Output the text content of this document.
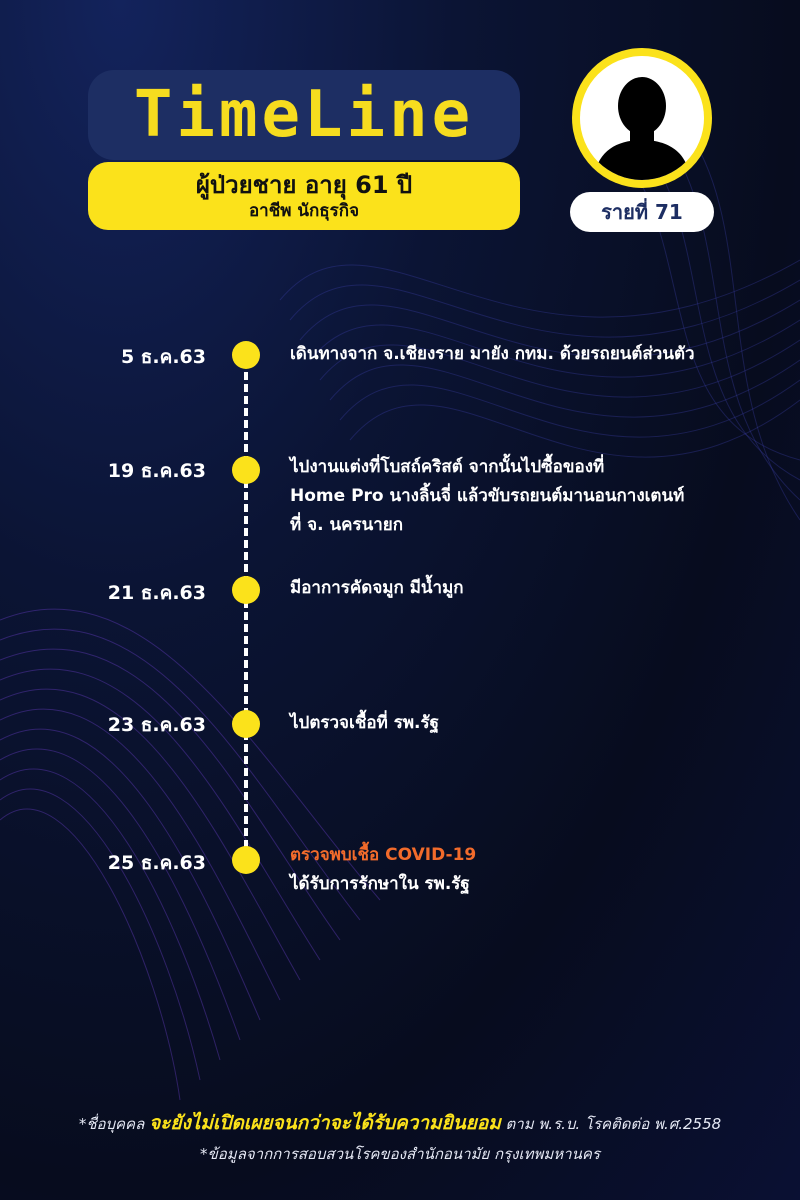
TimeLine
ผู้ป่วยชาย อายุ 61 ปี
อาชีพ นักธุรกิจ	รายที่ 71
5 ธ.ค.63	เดินทางจาก จ.เชียงราย มายัง กทม. ด้วยรถยนต์ส่วนตัว
19 ธ.ค.63	ไปงานแต่งที่โบสถ์คริสต์ จากนั้นไปซื้อของที่
Home Pro นางลิ้นจี่ แล้วขับรถยนต์มานอนกางเตนท์
ที่ จ. นครนายก
21 ธ.ค.63	มีอาการคัดจมูก มีน้ำมูก
23 ธ.ค.63	ไปตรวจเชื้อที่ รพ.รัฐ
25 ธ.ค.63	ตรวจพบเชื้อ COVID-19
ได้รับการรักษาใน รพ.รัฐ
*ชื่อบุคคล จะยังไม่เปิดเผยจนกว่าจะได้รับความยินยอม ตาม พ.ร.บ. โรคติดต่อ พ.ศ.2558
*ข้อมูลจากการสอบสวนโรคของสำนักอนามัย กรุงเทพมหานคร
